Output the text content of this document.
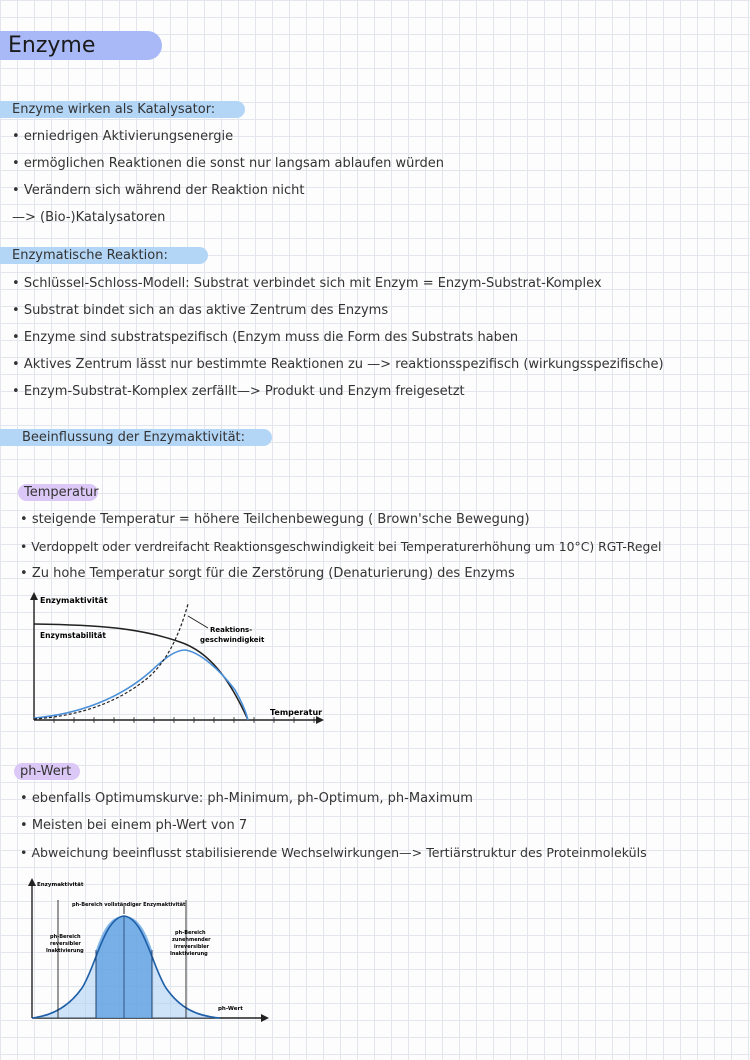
Enzyme
Enzyme wirken als Katalysator:
• erniedrigen Aktivierungsenergie
• ermöglichen Reaktionen die sonst nur langsam ablaufen würden
• Verändern sich während der Reaktion nicht
—> (Bio-)Katalysatoren
Enzymatische Reaktion:
• Schlüssel-Schloss-Modell: Substrat verbindet sich mit Enzym = Enzym-Substrat-Komplex
• Substrat bindet sich an das aktive Zentrum des Enzyms
• Enzyme sind substratspezifisch (Enzym muss die Form des Substrats haben
• Aktives Zentrum lässt nur bestimmte Reaktionen zu —> reaktionsspezifisch (wirkungsspezifische)
• Enzym-Substrat-Komplex zerfällt—> Produkt und Enzym freigesetzt
Beeinflussung der Enzymaktivität:
Temperatur
• steigende Temperatur = höhere Teilchenbewegung ( Brown'sche Bewegung)
• Verdoppelt oder verdreifacht Reaktionsgeschwindigkeit bei Temperaturerhöhung um 10°C) RGT-Regel
• Zu hohe Temperatur sorgt für die Zerstörung (Denaturierung) des Enzyms
Enzymaktivität
Temperatur
Enzymstabilität
Reaktions-
geschwindigkeit
ph-Wert
• ebenfalls Optimumskurve: ph-Minimum, ph-Optimum, ph-Maximum
• Meisten bei einem ph-Wert von 7
• Abweichung beeinflusst stabilisierende Wechselwirkungen—> Tertiärstruktur des Proteinmoleküls
Enzymaktivität
ph-Wert
ph-Bereich vollständiger Enzymaktivität
ph-Bereich
reversibler
Inaktivierung
ph-Bereich
zunehmender
irreversibler
Inaktivierung
